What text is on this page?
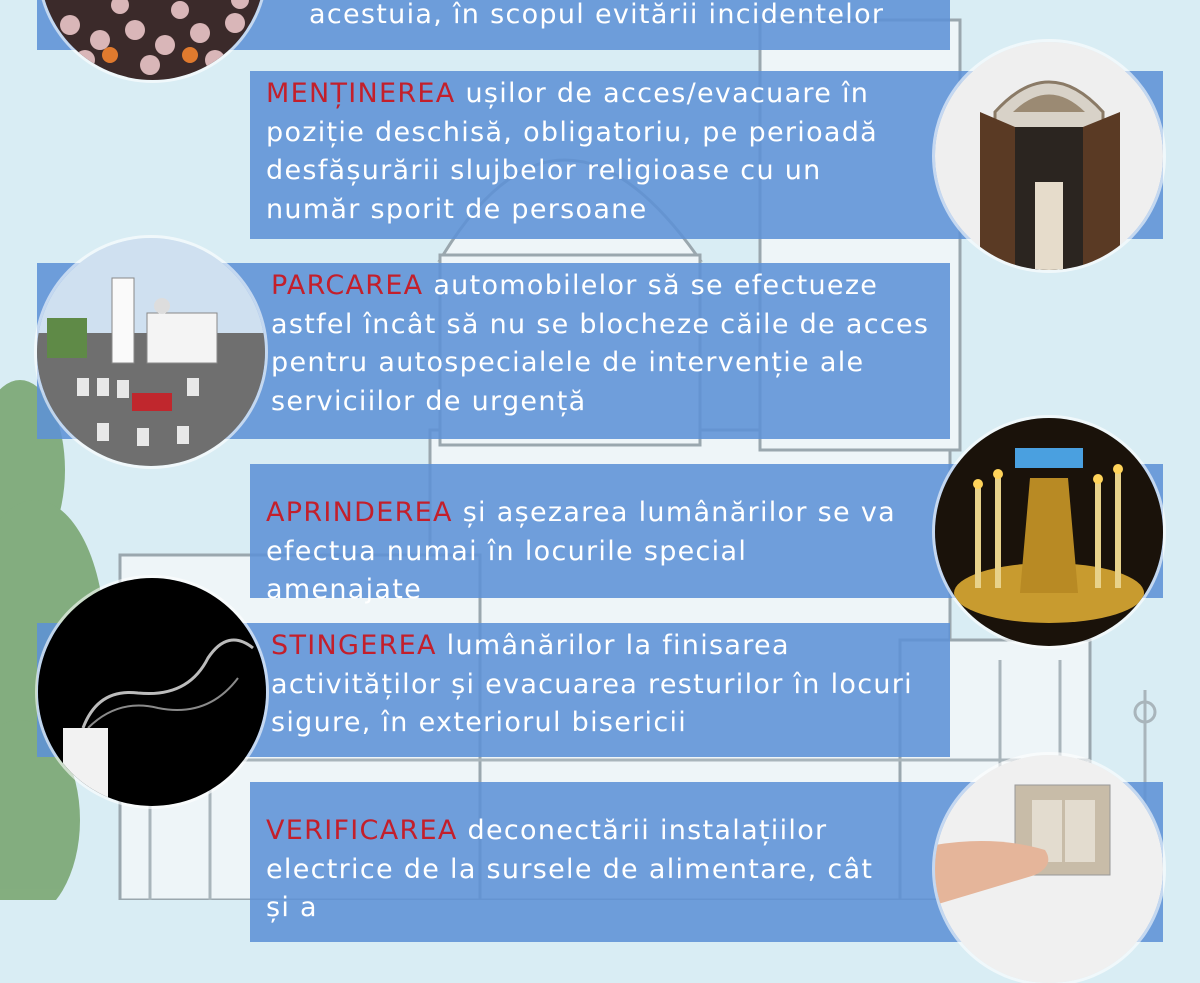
acestuia, în scopul evitării incidentelor
MENȚINEREA ușilor de acces/evacuare în poziție deschisă, obligatoriu, pe perioadă desfășurării slujbelor religioase cu un număr sporit de persoane
PARCAREA automobilelor să se efectueze astfel încât să nu se blocheze căile de acces pentru autospecialele de intervenție ale serviciilor de urgență
APRINDEREA și așezarea lumânărilor se va efectua numai în locurile special amenajate
STINGEREA lumânărilor la finisarea activităților și evacuarea resturilor în locuri sigure, în exteriorul bisericii
VERIFICAREA deconectării instalațiilor electrice de la sursele de alimentare, cât și a
